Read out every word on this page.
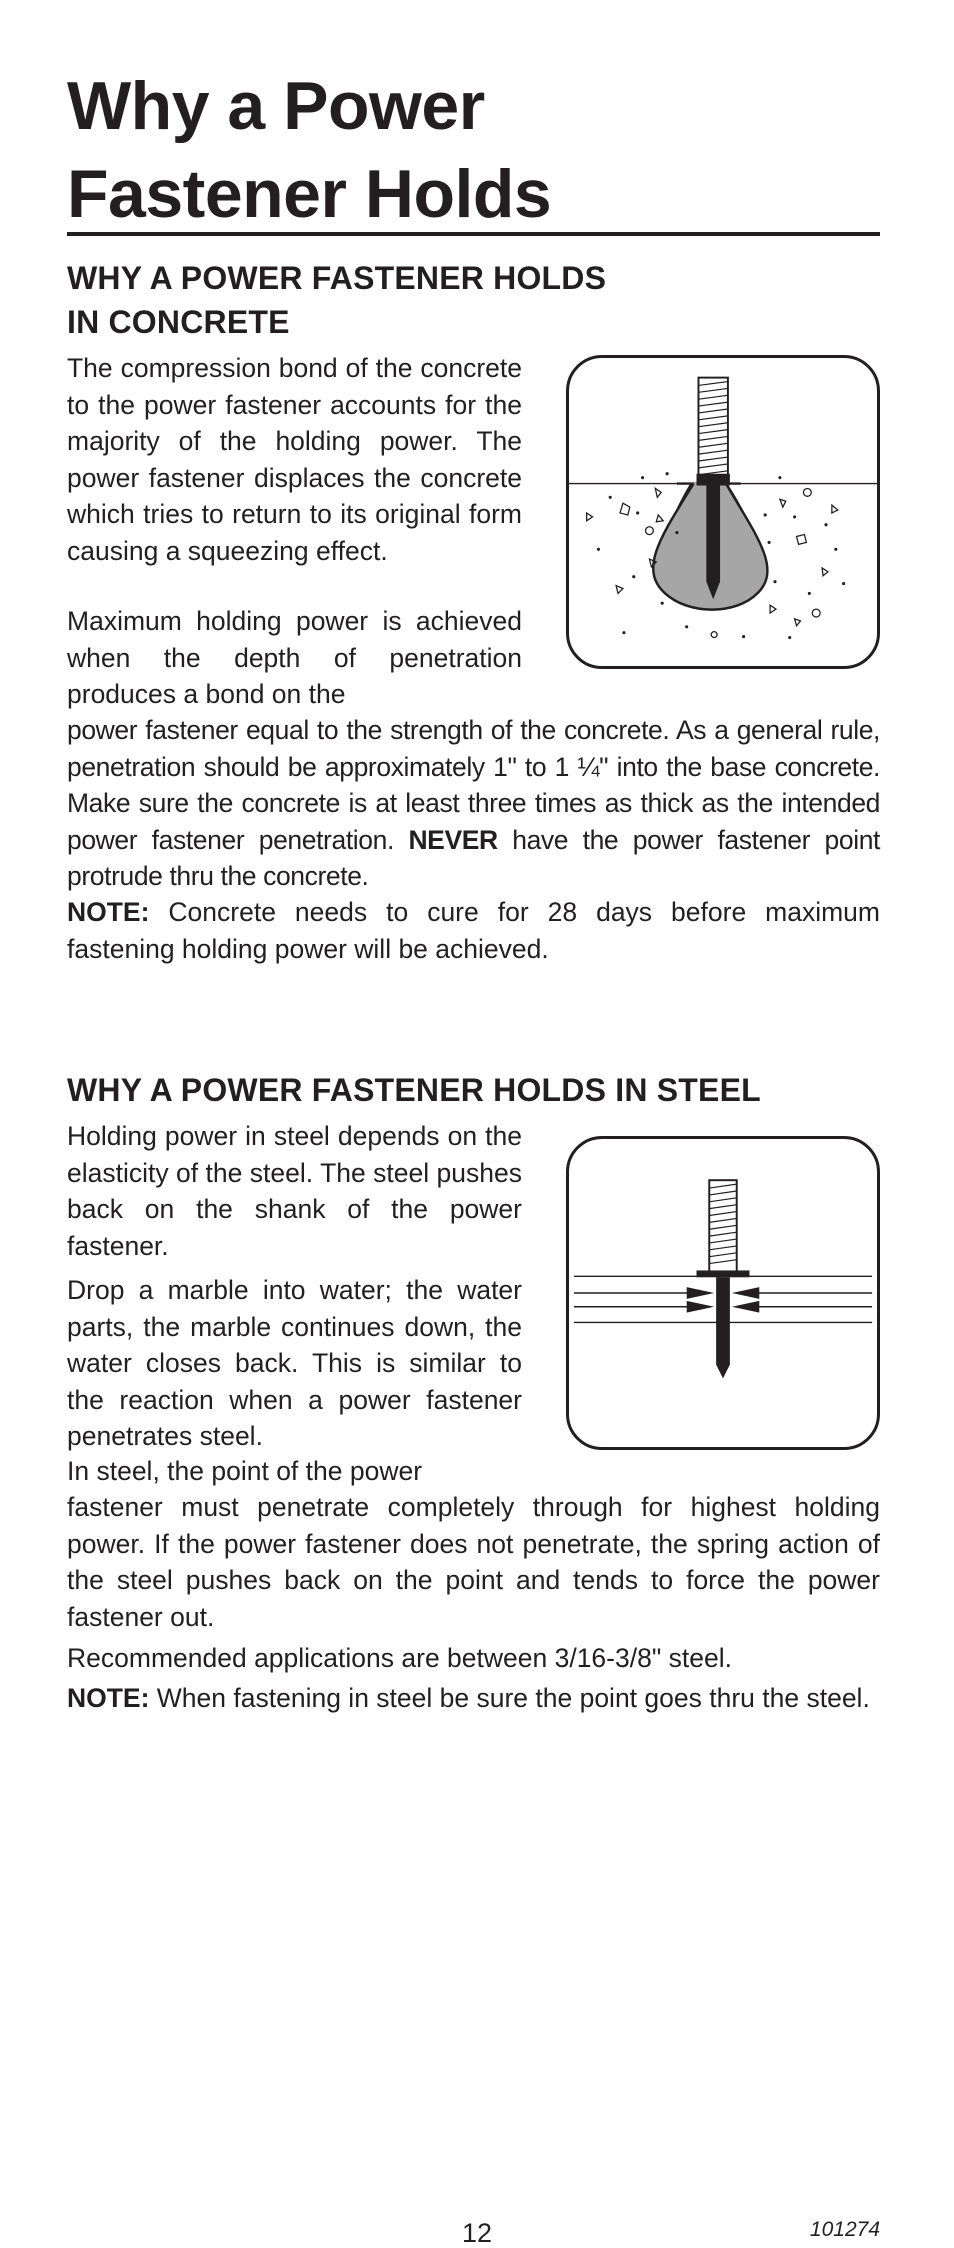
Why a Power
Fastener Holds
WHY A POWER FASTENER HOLDS
IN CONCRETE

The compression bond of the concrete to the power fastener accounts for the majority of the holding power. The power fastener displaces the concrete which tries to return to its original form causing a squeezing effect.

Maximum holding power is achieved when the depth of penetration produces a bond on the

power fastener equal to the strength of the concrete. As a general rule, penetration should be approximately 1" to 1 ¼" into the base concrete. Make sure the concrete is at least three times as thick as the intended power fastener penetration. NEVER have the power fastener point protrude thru the concrete.

NOTE: Concrete needs to cure for 28 days before maximum fastening holding power will be achieved.

WHY A POWER FASTENER HOLDS IN STEEL

Holding power in steel depends on the elasticity of the steel. The steel pushes back on the shank of the power fastener.

Drop a marble into water; the water parts, the marble continues down, the water closes back. This is similar to the reaction when a power fastener penetrates steel.

In steel, the point of the power

fastener must penetrate completely through for highest holding power. If the power fastener does not penetrate, the spring action of the steel pushes back on the point and tends to force the power fastener out.

Recommended applications are between 3/16-3/8" steel.

NOTE: When fastening in steel be sure the point goes thru the steel.

12	101274
